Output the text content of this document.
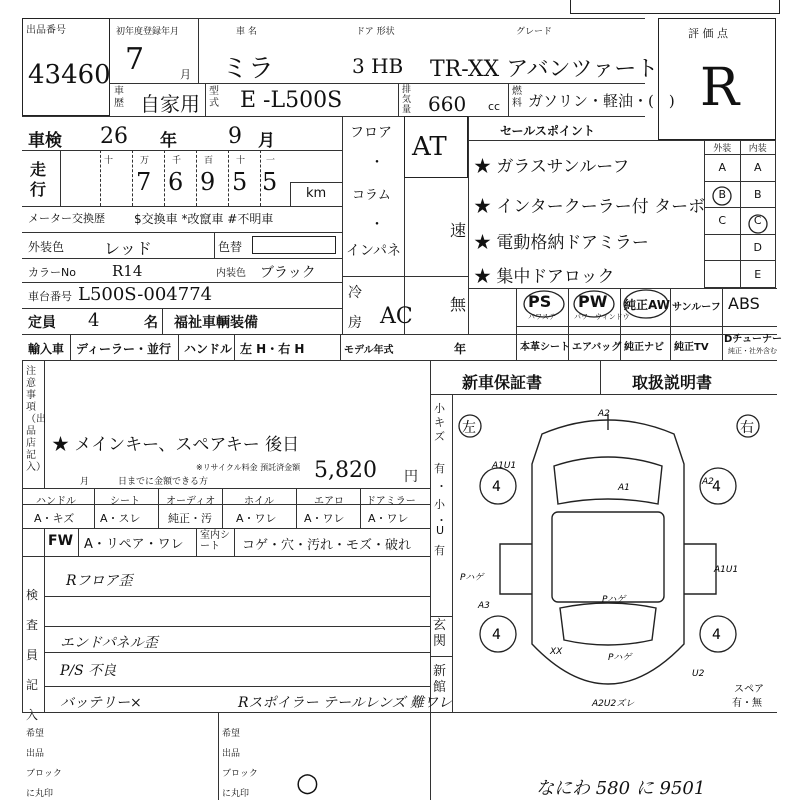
出品番号
43460
初年度登録年月
7	月
車 名
ミラ
ドア 形状
3 HB
グレード
TR-XX アバンツァート
車歴 自家用
型式 E -L500S	排気量 660 cc
燃料 ガソリン・軽油・(　)
評 価 点
R
車検 26 年 9 月
走行
十	万	千	百	十 一
7 6 9 5 5 km
メーター交換歴 $交換車 *改竄車 #不明車
フロア
・
コラム
・
インパネ
AT
速
無
外装色 レッド	色替
カラーNo R14	内装色 ブラック
車台番号 L500S-004774
定員 4	名 福祉車輌装備
冷
房 AC
輸入車 ディーラー・並行 ハンドル 左 H・右 H	モデル年式	年
セールスポイント
★ ガラスサンルーフ
★ インタークーラー付 ターボ
★ 電動格納ドアミラー
★ 集中ドアロック
外装	内装
A	A
B	B
C	C
	D
	E
PS
パワステ
PW
パワーウィンドウ
純正AW サンルーフ ABS
本革シート エアバッグ 純正ナビ 純正TV
Dチューナー
純正・社外含む
注意事項（出品店記入）
★ メインキー、スペアキー 後日
月	日までに金額できる方
※リサイクル料金 預託済金額 5,820 円
新車保証書	取扱説明書
ハンドル	シート	オーディオ	ホイル	エアロ ドアミラー
A・キズ A・スレ 純正・汚 A・ワレ A・ワレ A・ワレ
FW A・リペア・ワレ
室内シート	コゲ・穴・汚れ・モズ・破れ
検査員記入
Rフロア歪
エンドパネル歪
P/S 不良
バッテリー×	Rスポイラー テールレンズ 難ワレ
小キズ
有
・
小
・
U
有
玄関
新館
左	右
4	4
4	4
A2
A1U1
A1
A2
A1U1
Pハゲ
A3
Pハゲ
Pハゲ
XX
U2
A2U2ズレ
スペア
有・無
希望
出品
ブロック
に丸印
希望
出品
ブロック
に丸印 ○	なにわ 580 に 9501
